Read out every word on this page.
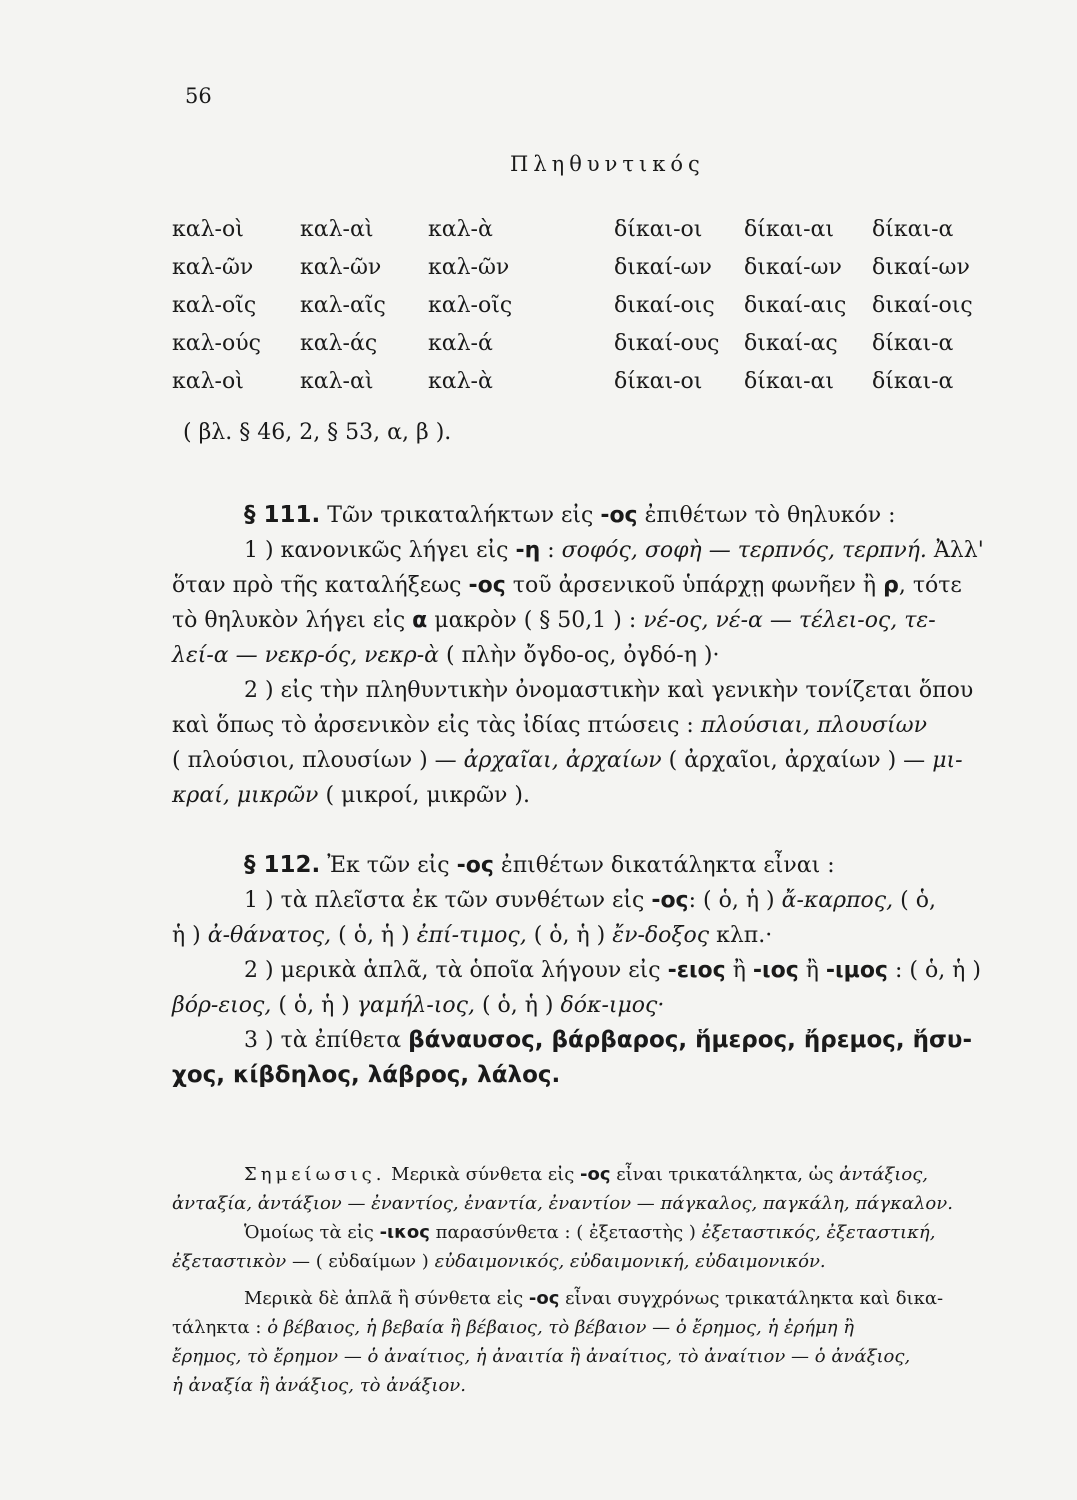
56
Πληθυντικός
καλ-οὶ	καλ-αὶ	καλ-ὰ	δίκαι-οι	δίκαι-αι	δίκαι-α
καλ-ῶν	καλ-ῶν	καλ-ῶν	δικαί-ων	δικαί-ων	δικαί-ων
καλ-οῖς	καλ-αῖς	καλ-οῖς	δικαί-οις	δικαί-αις	δικαί-οις
καλ-ούς	καλ-άς	καλ-ά	δικαί-ους	δικαί-ας	δίκαι-α
καλ-οὶ	καλ-αὶ	καλ-ὰ	δίκαι-οι	δίκαι-αι	δίκαι-α
( βλ. § 46, 2, § 53, α, β ).
§ 111. Τῶν τρικαταλήκτων εἰς -ος ἐπιθέτων τὸ θηλυκόν :
1 ) κανονικῶς λήγει εἰς -η : σοφός, σοφὴ — τερπνός, τερπνή. Ἀλλ'
ὅταν πρὸ τῆς καταλήξεως -ος τοῦ ἀρσενικοῦ ὑπάρχῃ φωνῆεν ἢ ρ, τότε
τὸ θηλυκὸν λήγει εἰς α μακρὸν ( § 50,1 ) : νέ-ος, νέ-α — τέλει-ος, τε-
λεί-α — νεκρ-ός, νεκρ-ὰ ( πλὴν ὄγδο-ος, ὀγδό-η )·
2 ) εἰς τὴν πληθυντικὴν ὀνομαστικὴν καὶ γενικὴν τονίζεται ὅπου
καὶ ὅπως τὸ ἀρσενικὸν εἰς τὰς ἰδίας πτώσεις : πλούσιαι, πλουσίων
( πλούσιοι, πλουσίων ) — ἀρχαῖαι, ἀρχαίων ( ἀρχαῖοι, ἀρχαίων ) — μι-
κραί, μικρῶν ( μικροί, μικρῶν ).
§ 112. Ἐκ τῶν εἰς -ος ἐπιθέτων δικατάληκτα εἶναι :
1 ) τὰ πλεῖστα ἐκ τῶν συνθέτων εἰς -ος: ( ὁ, ἡ ) ἄ-καρπος, ( ὁ,
ἡ ) ἀ-θάνατος, ( ὁ, ἡ ) ἐπί-τιμος, ( ὁ, ἡ ) ἔν-δοξος κλπ.·
2 ) μερικὰ ἁπλᾶ, τὰ ὁποῖα λήγουν εἰς -ειος ἢ -ιος ἢ -ιμος : ( ὁ, ἡ )
βόρ-ειος, ( ὁ, ἡ ) γαμήλ-ιος, ( ὁ, ἡ ) δόκ-ιμος·
3 ) τὰ ἐπίθετα βάναυσος, βάρβαρος, ἥμερος, ἤρεμος, ἥσυ-
χος, κίβδηλος, λάβρος, λάλος.
Σημείωσις. Μερικὰ σύνθετα εἰς -ος εἶναι τρικατάληκτα, ὡς ἀντάξιος,
ἀνταξία, ἀντάξιον — ἐναντίος, ἐναντία, ἐναντίον — πάγκαλος, παγκάλη, πάγκαλον.
Ὁμοίως τὰ εἰς -ικος παρασύνθετα : ( ἐξεταστὴς ) ἐξεταστικός, ἐξεταστική,
ἐξεταστικὸν — ( εὐδαίμων ) εὐδαιμονικός, εὐδαιμονική, εὐδαιμονικόν.
Μερικὰ δὲ ἁπλᾶ ἢ σύνθετα εἰς -ος εἶναι συγχρόνως τρικατάληκτα καὶ δικα-
τάληκτα : ὁ βέβαιος, ἡ βεβαία ἢ βέβαιος, τὸ βέβαιον — ὁ ἔρημος, ἡ ἐρήμη ἢ
ἔρημος, τὸ ἔρημον — ὁ ἀναίτιος, ἡ ἀναιτία ἢ ἀναίτιος, τὸ ἀναίτιον — ὁ ἀνάξιος,
ἡ ἀναξία ἢ ἀνάξιος, τὸ ἀνάξιον.
